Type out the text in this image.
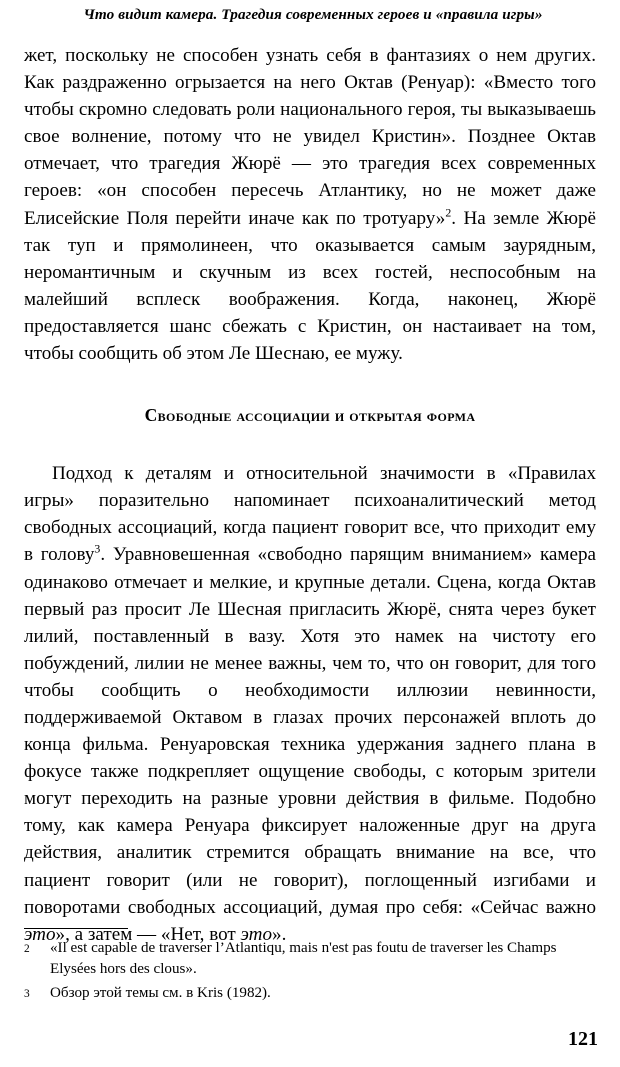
Что видит камера. Трагедия современных героев и «правила игры»

жет, поскольку не способен узнать себя в фантазиях о нем других. Как раздраженно огрызается на него Октав (Ренуар): «Вместо того чтобы скромно следовать роли национального героя, ты выказываешь свое волнение, потому что не увидел Кристин». Позднее Октав отмечает, что трагедия Жюрё — это трагедия всех современных героев: «он способен пересечь Атлантику, но не может даже Елисейские Поля перейти иначе как по тротуару»$^2$. На земле Жюрё так туп и прямолинеен, что оказывается самым заурядным, неромантичным и скучным из всех гостей, неспособным на малейший всплеск воображения. Когда, наконец, Жюрё предоставляется шанс сбежать с Кристин, он настаивает на том, чтобы сообщить об этом Ле Шеснаю, ее мужу.

Свободные ассоциации и открытая форма

Подход к деталям и относительной значимости в «Правилах игры» поразительно напоминает психоаналитический метод свободных ассоциаций, когда пациент говорит все, что приходит ему в голову$^3$. Уравновешенная «свободно парящим вниманием» камера одинаково отмечает и мелкие, и крупные детали. Сцена, когда Октав первый раз просит Ле Шесная пригласить Жюрё, снята через букет лилий, поставленный в вазу. Хотя это намек на чистоту его побуждений, лилии не менее важны, чем то, что он говорит, для того чтобы сообщить о необходимости иллюзии невинности, поддерживаемой Октавом в глазах прочих персонажей вплоть до конца фильма. Ренуаровская техника удержания заднего плана в фокусе также подкрепляет ощущение свободы, с которым зрители могут переходить на разные уровни действия в фильме. Подобно тому, как камера Ренуара фиксирует наложенные друг на друга действия, аналитик стремится обращать внимание на все, что пациент говорит (или не говорит), поглощенный изгибами и поворотами свободных ассоциаций, думая про себя: «Сейчас важно это», а затем — «Нет, вот это».

2	«Il est capable de traverser l’Atlantiqu, mais n'est pas foutu de traverser les Champs Elysées hors des clous».
3	Обзор этой темы см. в Kris (1982).
121
